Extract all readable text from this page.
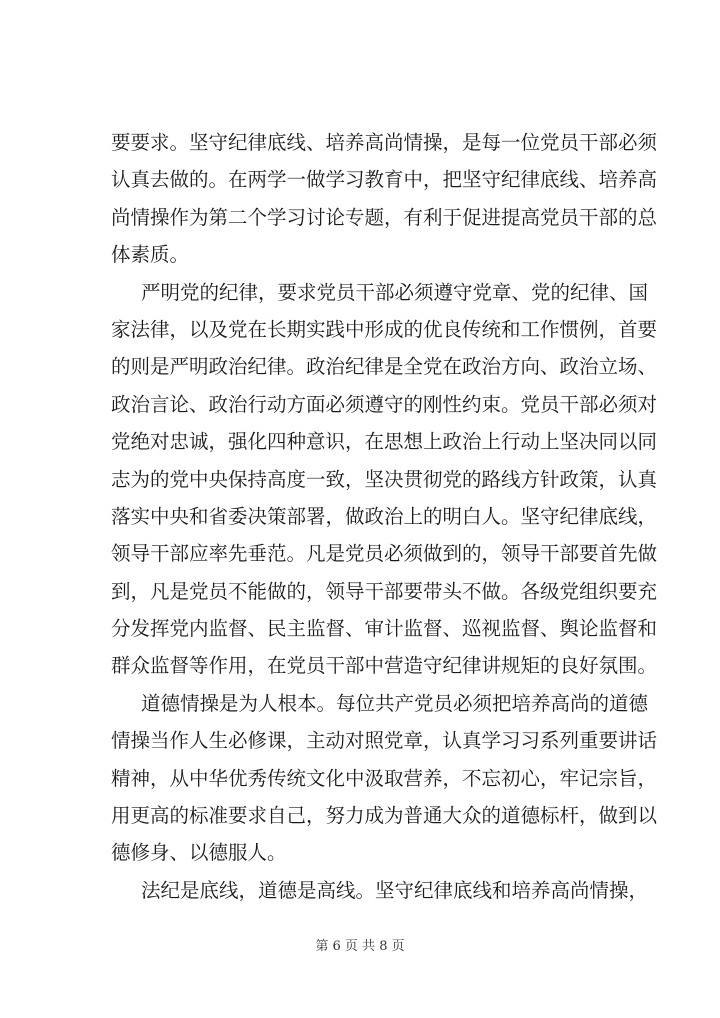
要要求。坚守纪律底线、培养高尚情操，是每一位党员干部必须
认真去做的。在两学一做学习教育中，把坚守纪律底线、培养高
尚情操作为第二个学习讨论专题，有利于促进提高党员干部的总
体素质。
严明党的纪律，要求党员干部必须遵守党章、党的纪律、国
家法律，以及党在长期实践中形成的优良传统和工作惯例，首要
的则是严明政治纪律。政治纪律是全党在政治方向、政治立场、
政治言论、政治行动方面必须遵守的刚性约束。党员干部必须对
党绝对忠诚，强化四种意识，在思想上政治上行动上坚决同以同
志为的党中央保持高度一致，坚决贯彻党的路线方针政策，认真
落实中央和省委决策部署，做政治上的明白人。坚守纪律底线，
领导干部应率先垂范。凡是党员必须做到的，领导干部要首先做
到，凡是党员不能做的，领导干部要带头不做。各级党组织要充
分发挥党内监督、民主监督、审计监督、巡视监督、舆论监督和
群众监督等作用，在党员干部中营造守纪律讲规矩的良好氛围。
道德情操是为人根本。每位共产党员必须把培养高尚的道德
情操当作人生必修课，主动对照党章，认真学习习系列重要讲话
精神，从中华优秀传统文化中汲取营养，不忘初心，牢记宗旨，
用更高的标准要求自己，努力成为普通大众的道德标杆，做到以
德修身、以德服人。
法纪是底线，道德是高线。坚守纪律底线和培养高尚情操，
第 6 页 共 8 页
